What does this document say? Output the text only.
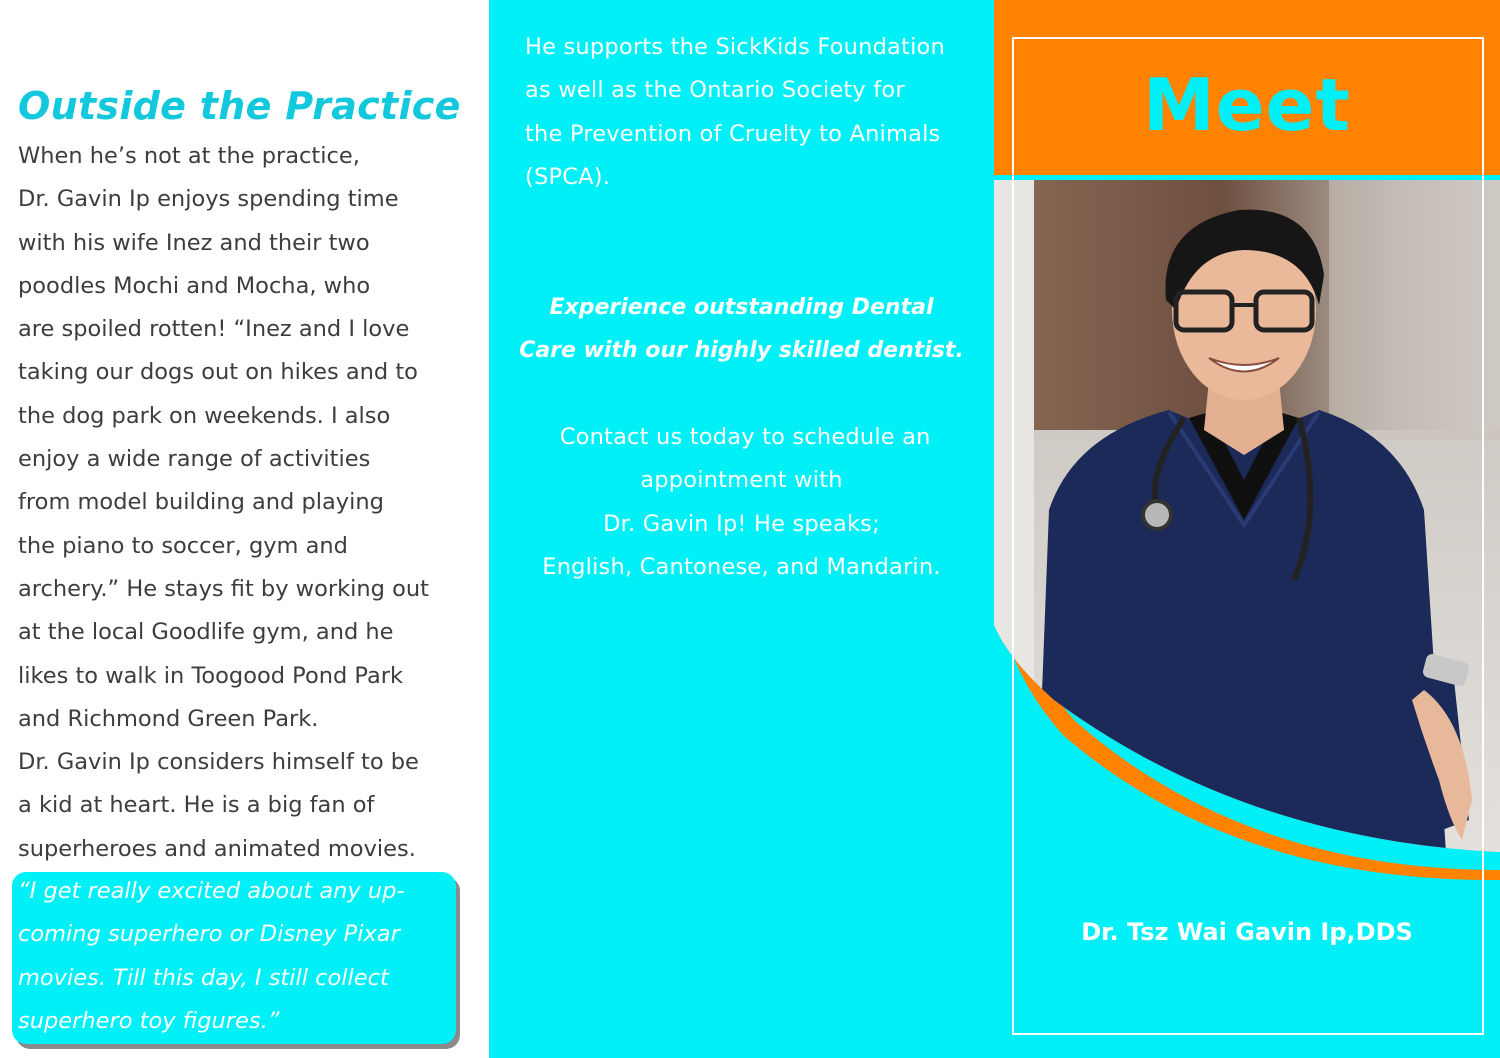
Outside the Practice
When he’s not at the practice,
Dr. Gavin Ip enjoys spending time
with his wife Inez and their two
poodles Mochi and Mocha, who
are spoiled rotten! “Inez and I love
taking our dogs out on hikes and to
the dog park on weekends. I also
enjoy a wide range of activities
from model building and playing
the piano to soccer, gym and
archery.” He stays fit by working out
at the local Goodlife gym, and he
likes to walk in Toogood Pond Park
and Richmond Green Park.
Dr. Gavin Ip considers himself to be
a kid at heart. He is a big fan of
superheroes and animated movies.
“I get really excited about any up-
coming superhero or Disney Pixar
movies. Till this day, I still collect
superhero toy figures.”
He supports the SickKids Foundation
as well as the Ontario Society for
the Prevention of Cruelty to Animals
(SPCA).
Experience outstanding Dental
Care with our highly skilled dentist.
Contact us today to schedule an
appointment with
Dr. Gavin Ip! He speaks;
English, Cantonese, and Mandarin.
Meet
Dr. Tsz Wai Gavin Ip,DDS
